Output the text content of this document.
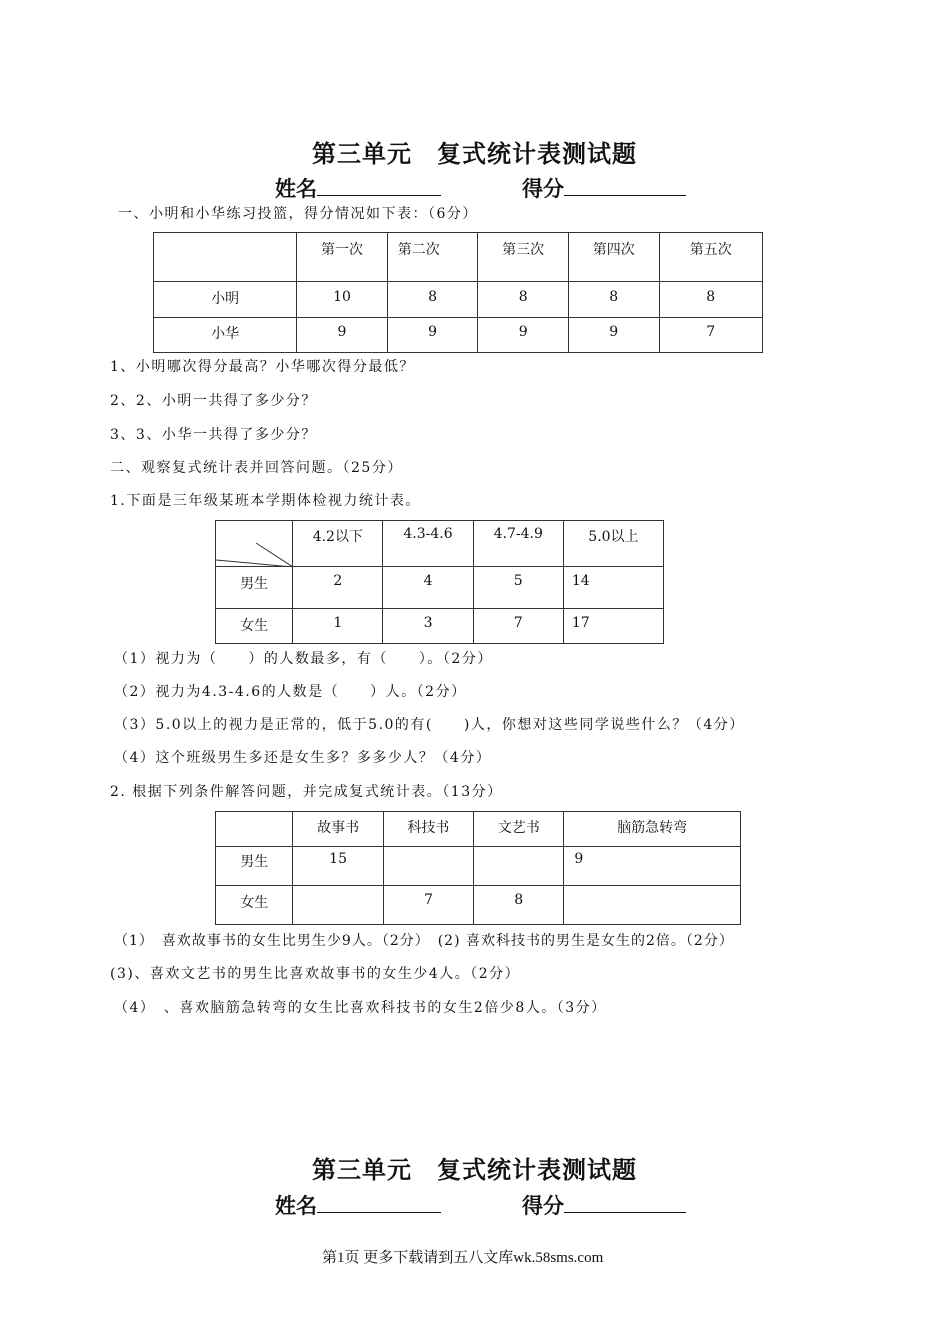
第三单元　复式统计表测试题
姓名	得分
一、小明和小华练习投篮，得分情况如下表：（6分）

	第一次	第二次	第三次	第四次	第五次

小明	10	8	8	8	8

小华	9	9	9	9	7
1、小明哪次得分最高？小华哪次得分最低？
2、2、小明一共得了多少分？
3、3、小华一共得了多少分？
二、观察复式统计表并回答问题。（25分）
1.下面是三年级某班本学期体检视力统计表。

4.2以下	4.3-4.6	4.7-4.9	5.0以上

男生	2	4	5	14

女生	1	3	7	17
（1）视力为（　　）的人数最多，有（　　）。（2分）
（2）视力为4.3-4.6的人数是（　　）人。（2分）
（3）5.0以上的视力是正常的，低于5.0的有(　　)人，你想对这些同学说些什么？（4分）
（4）这个班级男生多还是女生多？多多少人？（4分）
2. 根据下列条件解答问题，并完成复式统计表。（13分）

	故事书	科技书	文艺书	脑筋急转弯

男生	15			9

女生		7	8	

（1）　喜欢故事书的女生比男生少9人。（2分）　(2) 喜欢科技书的男生是女生的2倍。（2分）
(3)、喜欢文艺书的男生比喜欢故事书的女生少4人。（2分）
（4）　、喜欢脑筋急转弯的女生比喜欢科技书的女生2倍少8人。（3分）
第三单元　复式统计表测试题
姓名	得分
第1页 更多下载请到五八文库wk.58sms.com
